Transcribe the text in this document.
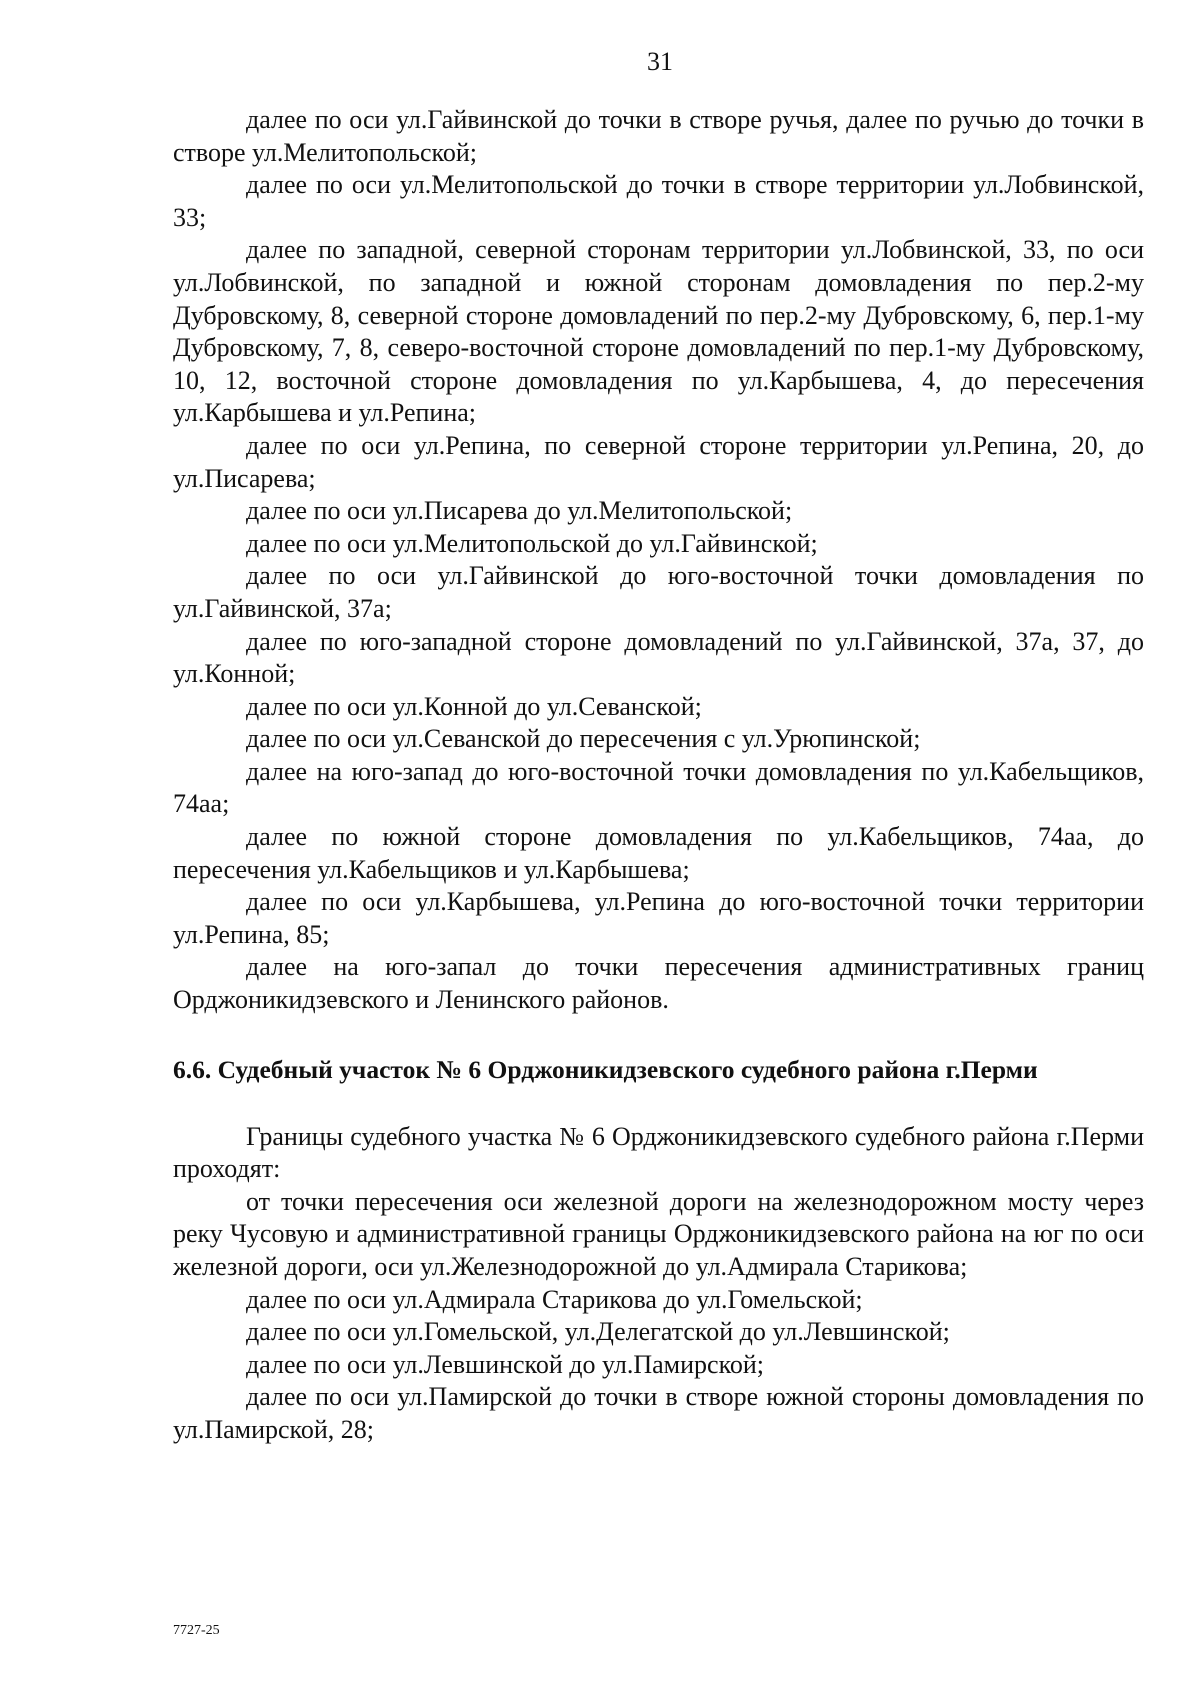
31

далее по оси ул.Гайвинской до точки в створе ручья, далее по ручью до точки в створе ул.Мелитопольской;

далее по оси ул.Мелитопольской до точки в створе территории ул.Лобвинской, 33;

далее по западной, северной сторонам территории ул.Лобвинской, 33, по оси ул.Лобвинской, по западной и южной сторонам домовладения по пер.2-му Дубровскому, 8, северной стороне домовладений по пер.2-му Дубровскому, 6, пер.1-му Дубровскому, 7, 8, северо-восточной стороне домовладений по пер.1-му Дубровскому, 10, 12, восточной стороне домовладения по ул.Карбышева, 4, до пересечения ул.Карбышева и ул.Репина;

далее по оси ул.Репина, по северной стороне территории ул.Репина, 20, до ул.Писарева;

далее по оси ул.Писарева до ул.Мелитопольской;

далее по оси ул.Мелитопольской до ул.Гайвинской;

далее по оси ул.Гайвинской до юго-восточной точки домовладения по ул.Гайвинской, 37а;

далее по юго-западной стороне домовладений по ул.Гайвинской, 37а, 37, до ул.Конной;

далее по оси ул.Конной до ул.Севанской;

далее по оси ул.Севанской до пересечения с ул.Урюпинской;

далее на юго-запад до юго-восточной точки домовладения по ул.Кабельщиков, 74аа;

далее по южной стороне домовладения по ул.Кабельщиков, 74аа, до пересечения ул.Кабельщиков и ул.Карбышева;

далее по оси ул.Карбышева, ул.Репина до юго-восточной точки территории ул.Репина, 85;

далее на юго-запал до точки пересечения административных границ Орджоникидзевского и Ленинского районов.

6.6. Судебный участок № 6 Орджоникидзевского судебного района г.Перми

Границы судебного участка № 6 Орджоникидзевского судебного района г.Перми проходят:

от точки пересечения оси железной дороги на железнодорожном мосту через реку Чусовую и административной границы Орджоникидзевского района на юг по оси железной дороги, оси ул.Железнодорожной до ул.Адмирала Старикова;

далее по оси ул.Адмирала Старикова до ул.Гомельской;

далее по оси ул.Гомельской, ул.Делегатской до ул.Левшинской;

далее по оси ул.Левшинской до ул.Памирской;

далее по оси ул.Памирской до точки в створе южной стороны домовладения по ул.Памирской, 28;

7727-25
